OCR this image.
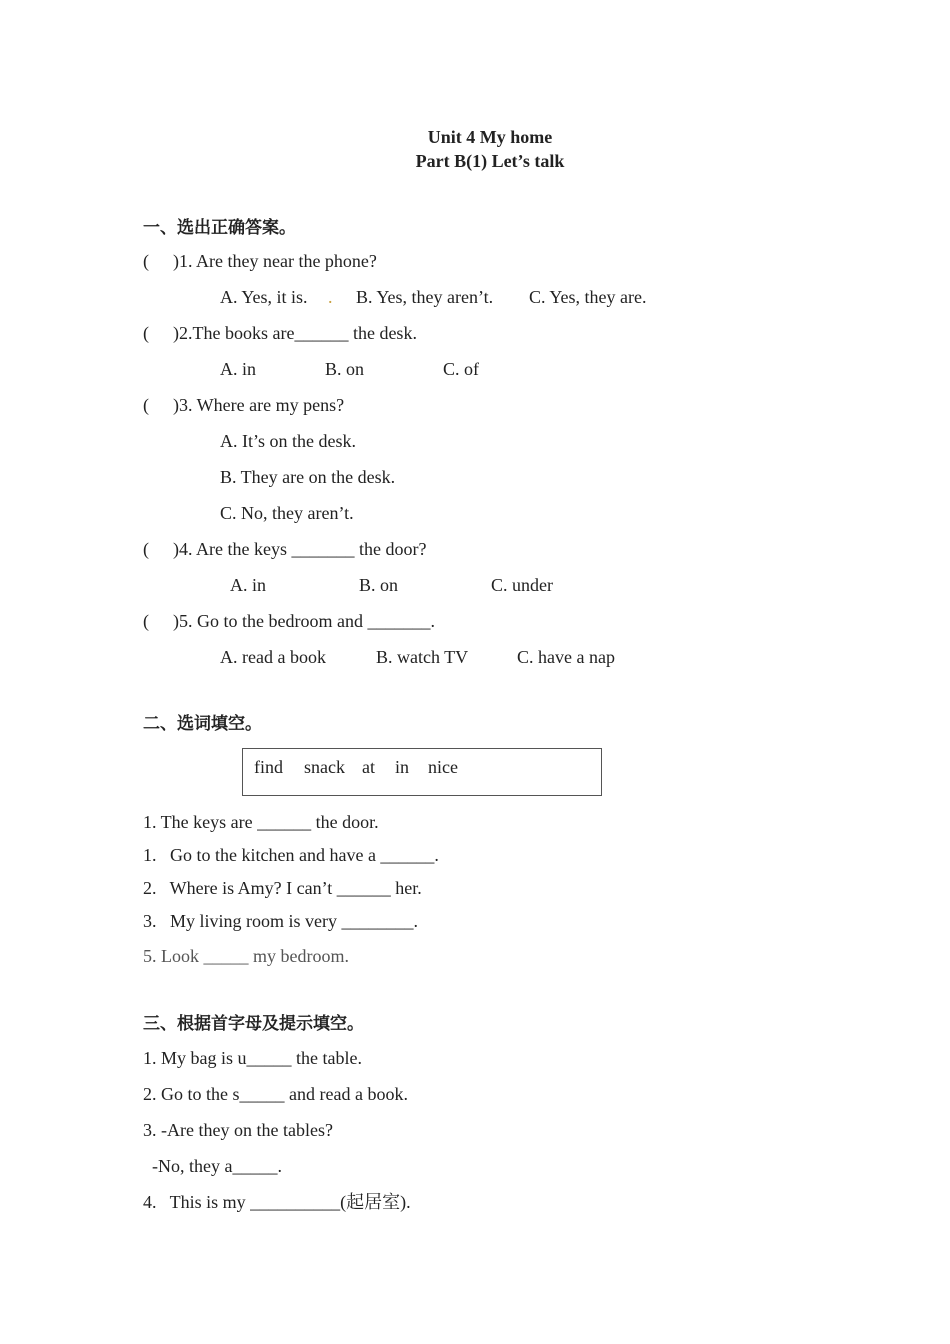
Unit 4 My home
Part B(1) Let’s talk
一、选出正确答案。
( )1. Are they near the phone?
A. Yes, it is. . B. Yes, they aren’t. C. Yes, they are.
( )2.The books are______ the desk.
A. in	B. on	C. of
( )3. Where are my pens?
A. It’s on the desk.
B. They are on the desk.
C. No, they aren’t.
( )4. Are the keys _______ the door?
A. in	B. on	C. under
( )5. Go to the bedroom and _______.
A. read a book	B. watch TV	C. have a nap
二、选词填空。
find snack at in nice
1. The keys are ______ the door.
1.   Go to the kitchen and have a ______.
2.   Where is Amy? I can’t ______ her.
3.   My living room is very ________.
5. Look _____ my bedroom.
三、根据首字母及提示填空。
1. My bag is u_____ the table.
2. Go to the s_____ and read a book.
3. -Are they on the tables?
-No, they a_____.
4.   This is my __________(起居室).
